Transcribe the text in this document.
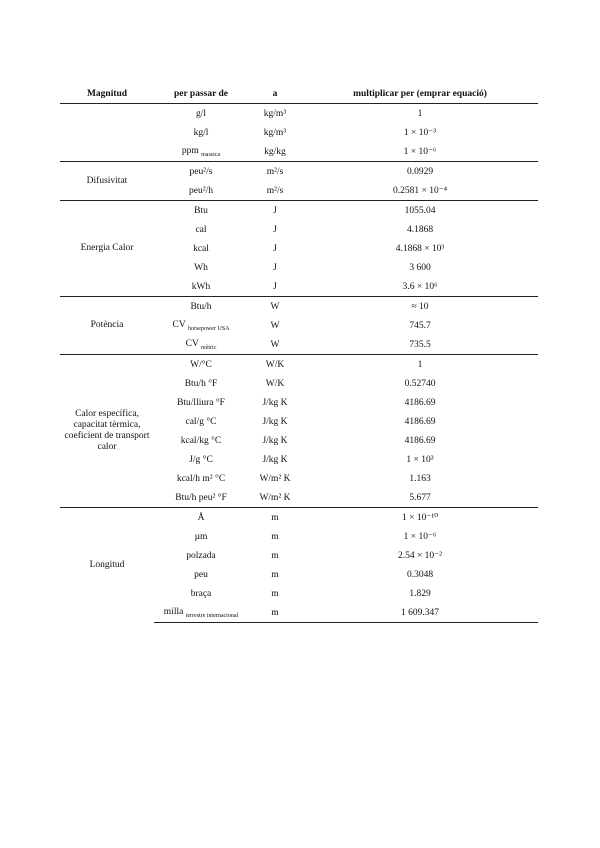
Magnitud	per passar de	a	multiplicar per (emprar equació)
	g/l	kg/m³	1
	kg/l	kg/m³	1 × 10⁻³
	ppm $_{massica}$	kg/kg	1 × 10⁻⁶
Difusivitat	peu²/s	m²/s	0.0929
	peu²/h	m²/s	0.2581 × 10⁻⁴
Energia Calor	Btu	J	1055.04
	cal	J	4.1868
	kcal	J	4.1868 × 10³
	Wh	J	3 600
	kWh	J	3.6 × 10⁶
Potència	Btu/h	W	≈ 10
	CV $_{horsepower USA}$	W	745.7
	CV $_{mètric}$	W	735.5
Calor específica, capacitat tèrmica, coeficient de transport calor	W/°C	W/K	1
	Btu/h °F	W/K	0.52740
	Btu/lliura °F	J/kg K	4186.69
	cal/g °C	J/kg K	4186.69
	kcal/kg °C	J/kg K	4186.69
	J/g °C	J/kg K	1 × 10³
	kcal/h m² °C	W/m² K	1.163
	Btu/h peu² °F	W/m² K	5.677
Longitud	Å	m	1 × 10⁻¹⁰
	µm	m	1 × 10⁻⁶
	polzada	m	2.54 × 10⁻²
	peu	m	0.3048
	braça	m	1.829
	milla $_{terrestre internacional}$	m	1 609.347
